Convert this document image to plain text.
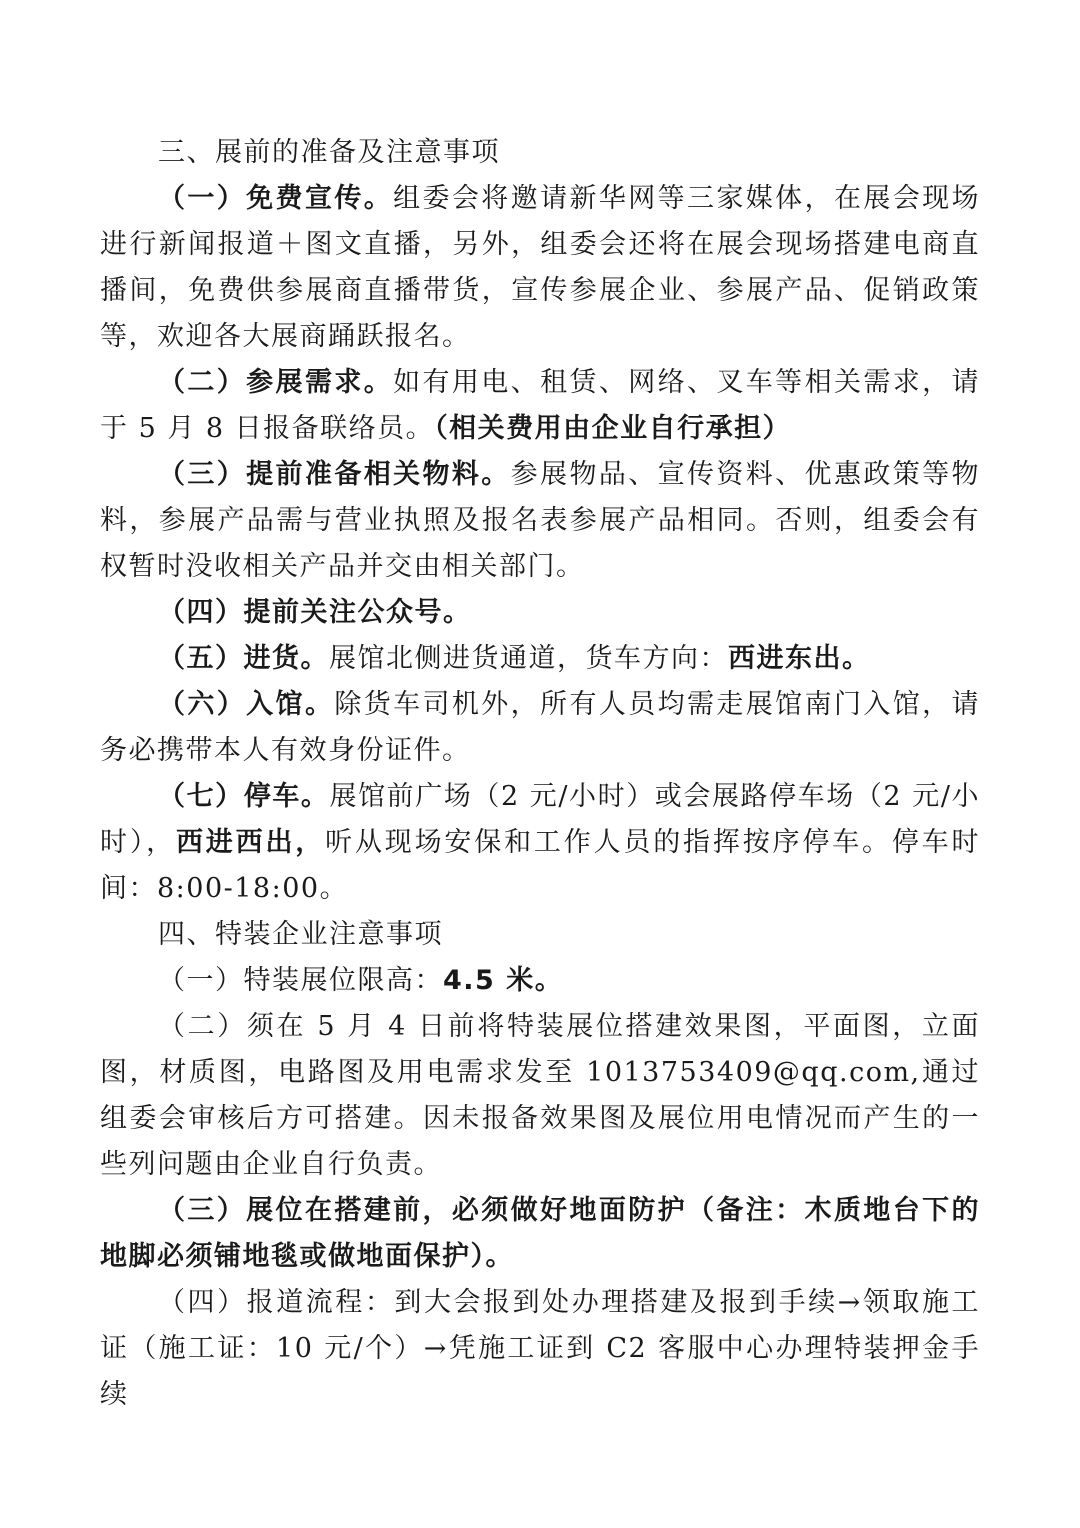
三、展前的准备及注意事项

（一）免费宣传。组委会将邀请新华网等三家媒体，在展会现场进行新闻报道＋图文直播，另外，组委会还将在展会现场搭建电商直播间，免费供参展商直播带货，宣传参展企业、参展产品、促销政策等，欢迎各大展商踊跃报名。

（二）参展需求。如有用电、租赁、网络、叉车等相关需求，请于 5 月 8 日报备联络员。（相关费用由企业自行承担）

（三）提前准备相关物料。参展物品、宣传资料、优惠政策等物料，参展产品需与营业执照及报名表参展产品相同。否则，组委会有权暂时没收相关产品并交由相关部门。

（四）提前关注公众号。

（五）进货。展馆北侧进货通道，货车方向：西进东出。

（六）入馆。除货车司机外，所有人员均需走展馆南门入馆，请务必携带本人有效身份证件。

（七）停车。展馆前广场（2 元/小时）或会展路停车场（2 元/小时），西进西出，听从现场安保和工作人员的指挥按序停车。停车时间：8:00-18:00。

四、特装企业注意事项

（一）特装展位限高：4.5 米。

（二）须在 5 月 4 日前将特装展位搭建效果图，平面图，立面图，材质图，电路图及用电需求发至 1013753409@qq.com,通过组委会审核后方可搭建。因未报备效果图及展位用电情况而产生的一些列问题由企业自行负责。

（三）展位在搭建前，必须做好地面防护（备注：木质地台下的地脚必须铺地毯或做地面保护）。

（四）报道流程：到大会报到处办理搭建及报到手续→领取施工证（施工证：10 元/个）→凭施工证到 C2 客服中心办理特装押金手续
